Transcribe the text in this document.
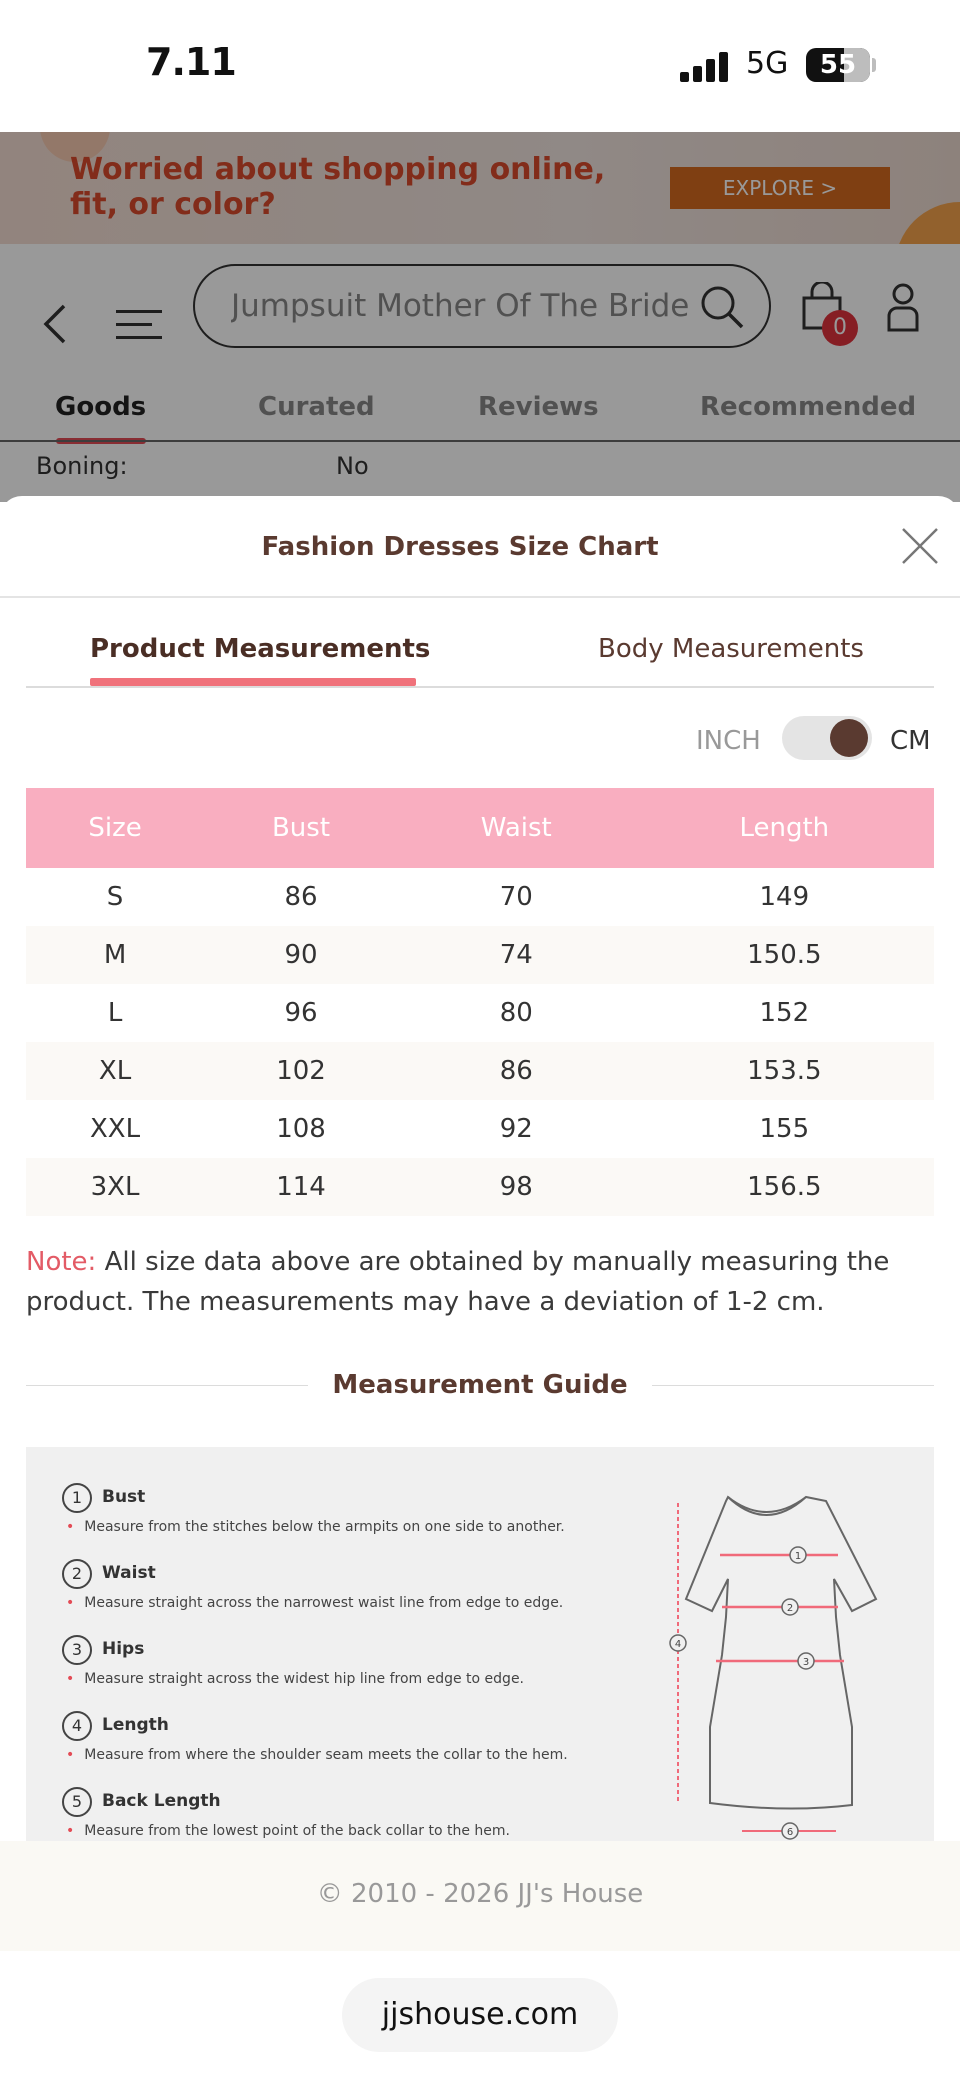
7.11	5G	55
Worried about shopping online, fit, or color?	EXPLORE >
Jumpsuit Mother Of The Bride
0
Goods	Curated	Reviews	Recommended
Boning:	No
Fashion Dresses Size Chart
Product Measurements	Body Measurements
INCH	CM
Size	Bust	Waist	Length
S	86	70	149
M	90	74	150.5
L	96	80	152
XL	102	86	153.5
XXL	108	92	155
3XL	114	98	156.5
Note: All size data above are obtained by manually measuring the product. The measurements may have a deviation of 1-2 cm.
Measurement Guide
1	Bust
• Measure from the stitches below the armpits on one side to another.
2	Waist
• Measure straight across the narrowest waist line from edge to edge.
3	Hips
• Measure straight across the widest hip line from edge to edge.
4	Length
• Measure from where the shoulder seam meets the collar to the hem.
5	Back Length
• Measure from the lowest point of the back collar to the hem.
1
2
3
4
6
© 2010 - 2026 JJ's House
jjshouse.com
